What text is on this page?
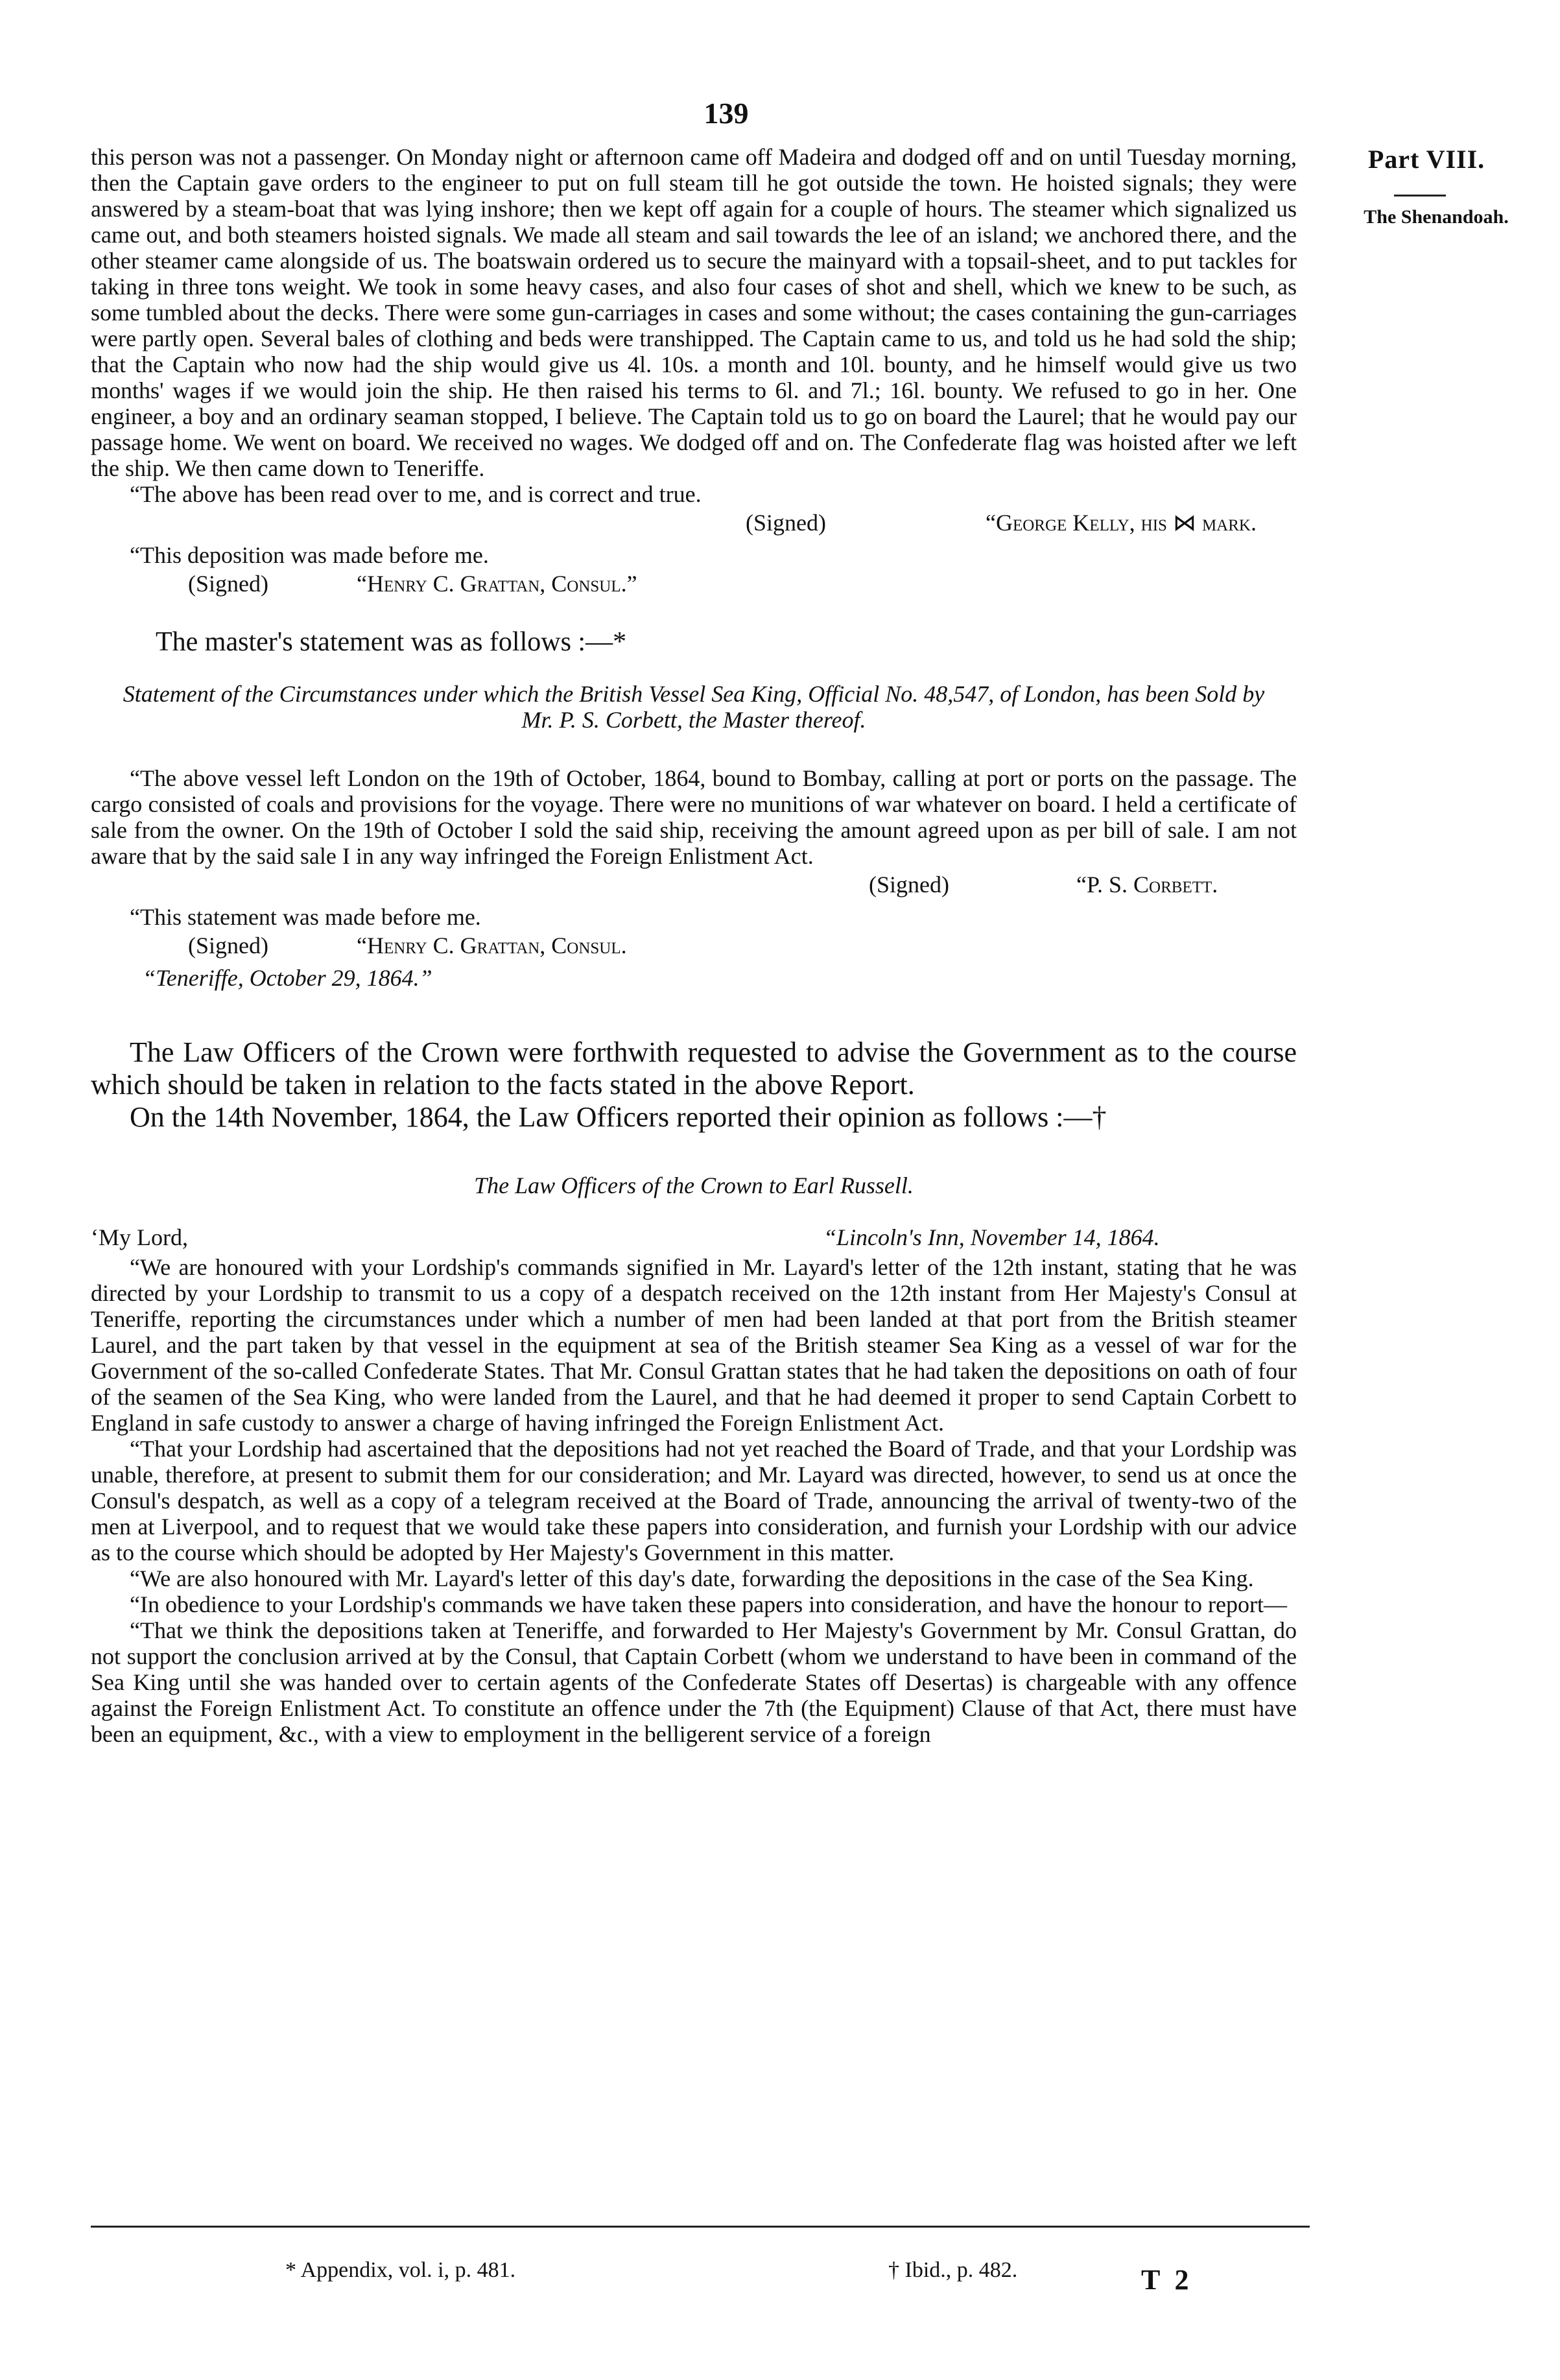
139
Part VIII.
The Shenandoah.

this person was not a passenger. On Monday night or afternoon came off Madeira and dodged off and on until Tuesday morning, then the Captain gave orders to the engineer to put on full steam till he got outside the town. He hoisted signals; they were answered by a steam-boat that was lying inshore; then we kept off again for a couple of hours. The steamer which signalized us came out, and both steamers hoisted signals. We made all steam and sail towards the lee of an island; we anchored there, and the other steamer came alongside of us. The boatswain ordered us to secure the mainyard with a topsail-sheet, and to put tackles for taking in three tons weight. We took in some heavy cases, and also four cases of shot and shell, which we knew to be such, as some tumbled about the decks. There were some gun-carriages in cases and some without; the cases containing the gun-carriages were partly open. Several bales of clothing and beds were transhipped. The Captain came to us, and told us he had sold the ship; that the Captain who now had the ship would give us 4l. 10s. a month and 10l. bounty, and he himself would give us two months' wages if we would join the ship. He then raised his terms to 6l. and 7l.; 16l. bounty. We refused to go in her. One engineer, a boy and an ordinary seaman stopped, I believe. The Captain told us to go on board the Laurel; that he would pay our passage home. We went on board. We received no wages. We dodged off and on. The Confederate flag was hoisted after we left the ship. We then came down to Teneriffe.

“The above has been read over to me, and is correct and true.

(Signed)	“George Kelly, his ⋈ mark.

“This deposition was made before me.

(Signed)	“Henry C. Grattan, Consul.”

The master's statement was as follows :—*

Statement of the Circumstances under which the British Vessel Sea King, Official No. 48,547, of London, has been Sold by Mr. P. S. Corbett, the Master thereof.

“The above vessel left London on the 19th of October, 1864, bound to Bombay, calling at port or ports on the passage. The cargo consisted of coals and provisions for the voyage. There were no munitions of war whatever on board. I held a certificate of sale from the owner. On the 19th of October I sold the said ship, receiving the amount agreed upon as per bill of sale. I am not aware that by the said sale I in any way infringed the Foreign Enlistment Act.

(Signed)	“P. S. Corbett.

“This statement was made before me.

(Signed)	“Henry C. Grattan, Consul.

“Teneriffe, October 29, 1864.”

The Law Officers of the Crown were forthwith requested to advise the Government as to the course which should be taken in relation to the facts stated in the above Report.

On the 14th November, 1864, the Law Officers reported their opinion as follows :—†

The Law Officers of the Crown to Earl Russell.

‘My Lord,	“Lincoln's Inn, November 14, 1864.

“We are honoured with your Lordship's commands signified in Mr. Layard's letter of the 12th instant, stating that he was directed by your Lordship to transmit to us a copy of a despatch received on the 12th instant from Her Majesty's Consul at Teneriffe, reporting the circumstances under which a number of men had been landed at that port from the British steamer Laurel, and the part taken by that vessel in the equipment at sea of the British steamer Sea King as a vessel of war for the Government of the so-called Confederate States. That Mr. Consul Grattan states that he had taken the depositions on oath of four of the seamen of the Sea King, who were landed from the Laurel, and that he had deemed it proper to send Captain Corbett to England in safe custody to answer a charge of having infringed the Foreign Enlistment Act.

“That your Lordship had ascertained that the depositions had not yet reached the Board of Trade, and that your Lordship was unable, therefore, at present to submit them for our consideration; and Mr. Layard was directed, however, to send us at once the Consul's despatch, as well as a copy of a telegram received at the Board of Trade, announcing the arrival of twenty-two of the men at Liverpool, and to request that we would take these papers into consideration, and furnish your Lordship with our advice as to the course which should be adopted by Her Majesty's Government in this matter.

“We are also honoured with Mr. Layard's letter of this day's date, forwarding the depositions in the case of the Sea King.

“In obedience to your Lordship's commands we have taken these papers into consideration, and have the honour to report—

“That we think the depositions taken at Teneriffe, and forwarded to Her Majesty's Government by Mr. Consul Grattan, do not support the conclusion arrived at by the Consul, that Captain Corbett (whom we understand to have been in command of the Sea King until she was handed over to certain agents of the Confederate States off Desertas) is chargeable with any offence against the Foreign Enlistment Act. To constitute an offence under the 7th (the Equipment) Clause of that Act, there must have been an equipment, &c., with a view to employment in the belligerent service of a foreign

* Appendix, vol. i, p. 481.	† Ibid., p. 482.	T 2
